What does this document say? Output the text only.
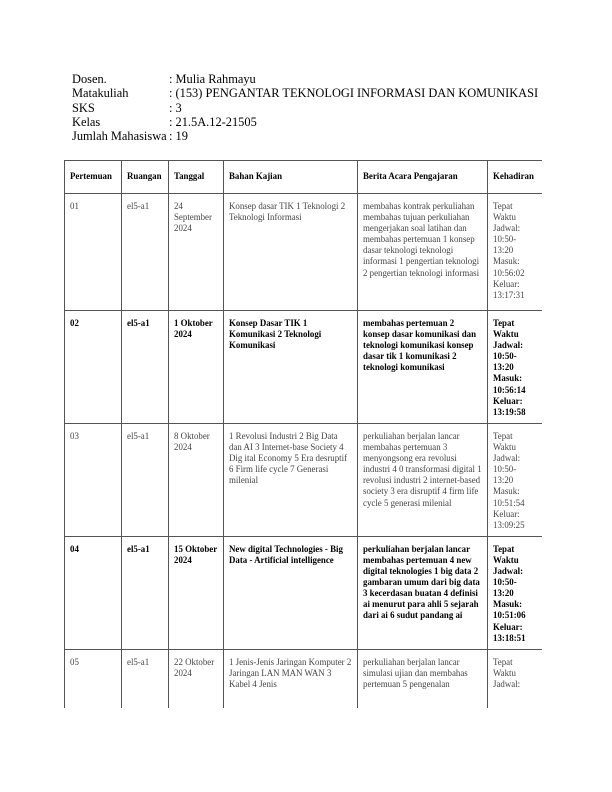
Dosen.	: Mulia Rahmayu
Matakuliah	: (153) PENGANTAR TEKNOLOGI INFORMASI DAN KOMUNIKASI
SKS	: 3
Kelas	: 21.5A.12-21505
Jumlah Mahasiswa : 19
Pertemuan	Ruangan	Tanggal	Bahan Kajian	Berita Acara Pengajaran	Kehadiran
01	el5-a1	24 September 2024	Konsep dasar TIK 1 Teknologi 2 Teknologi Informasi	membahas kontrak perkuliahan membahas tujuan perkuliahan mengerjakan soal latihan dan membahas pertemuan 1 konsep dasar teknologi teknologi informasi 1 pengertian teknologi 2 pengertian teknologi informasi	Tepat Waktu Jadwal: 10:50- 13:20 Masuk: 10:56:02 Keluar: 13:17:31
02	el5-a1	1 Oktober 2024	Konsep Dasar TIK 1 Komunikasi 2 Teknologi Komunikasi	membahas pertemuan 2 konsep dasar komunikasi dan teknologi komunikasi konsep dasar tik 1 komunikasi 2 teknologi komunikasi	Tepat Waktu Jadwal: 10:50- 13:20 Masuk: 10:56:14 Keluar: 13:19:58
03	el5-a1	8 Oktober 2024	1 Revolusi Industri 2 Big Data dan AI 3 Internet-base Society 4 Dig ital Economy 5 Era desruptif 6 Firm life cycle 7 Generasi milenial	perkuliahan berjalan lancar membahas pertemuan 3 menyongsong era revolusi industri 4 0 transformasi digital 1 revolusi industri 2 internet-based society 3 era disruptif 4 firm life cycle 5 generasi milenial	Tepat Waktu Jadwal: 10:50- 13:20 Masuk: 10:51:54 Keluar: 13:09:25
04	el5-a1	15 Oktober 2024	New digital Technologies - Big Data - Artificial intelligence	perkuliahan berjalan lancar membahas pertemuan 4 new digital teknologies 1 big data 2 gambaran umum dari big data 3 kecerdasan buatan 4 definisi ai menurut para ahli 5 sejarah dari ai 6 sudut pandang ai	Tepat Waktu Jadwal: 10:50- 13:20 Masuk: 10:51:06 Keluar: 13:18:51
05	el5-a1	22 Oktober 2024	1 Jenis-Jenis Jaringan Komputer 2 Jaringan LAN MAN WAN 3 Kabel 4 Jenis	perkuliahan berjalan lancar simulasi ujian dan membahas pertemuan 5 pengenalan	Tepat Waktu Jadwal:
